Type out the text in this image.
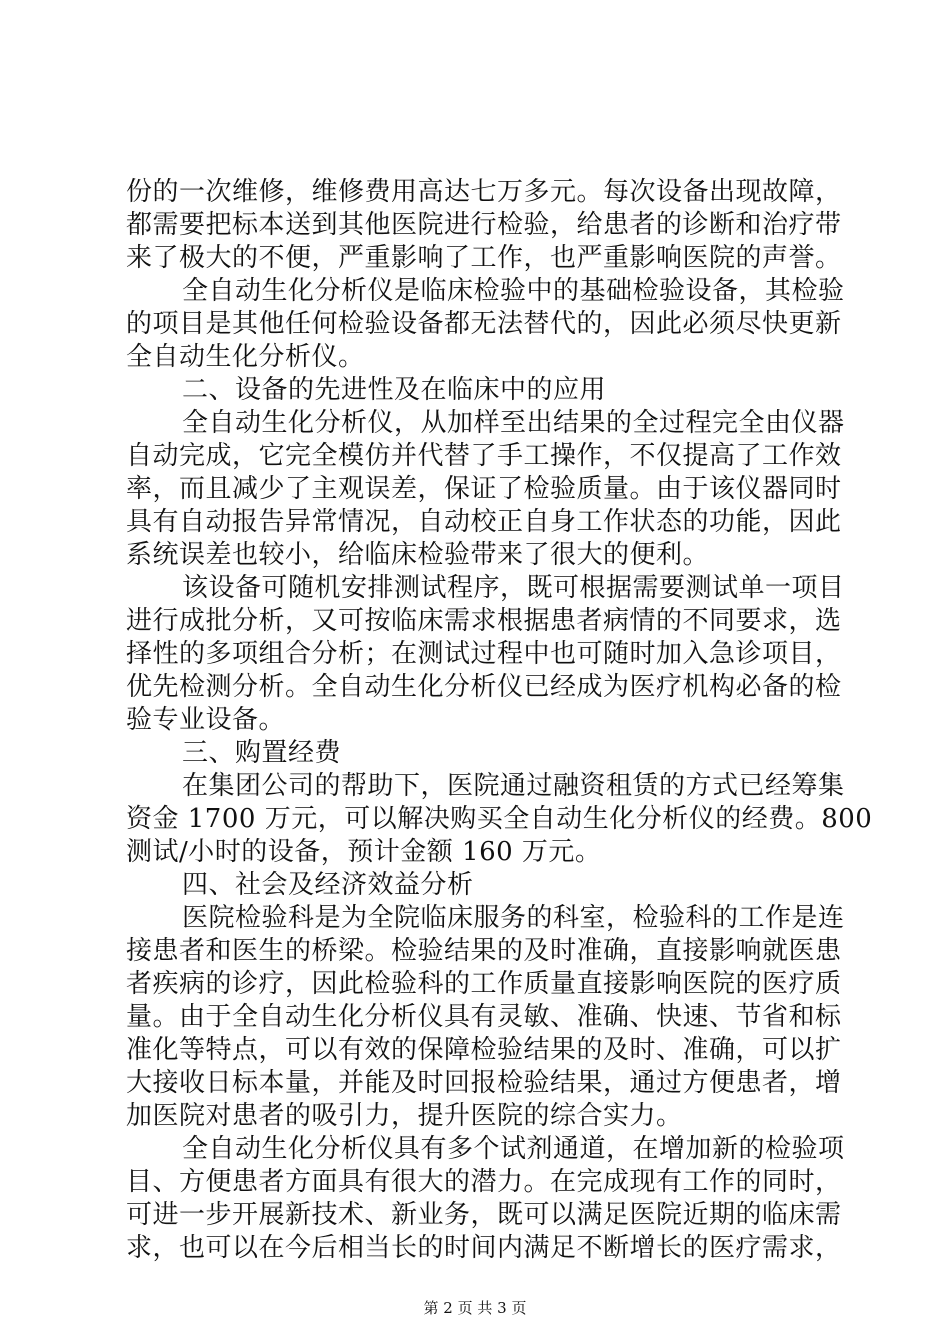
份的一次维修，维修费用高达七万多元。每次设备出现故障，
都需要把标本送到其他医院进行检验，给患者的诊断和治疗带
来了极大的不便，严重影响了工作，也严重影响医院的声誉。
全自动生化分析仪是临床检验中的基础检验设备，其检验
的项目是其他任何检验设备都无法替代的，因此必须尽快更新
全自动生化分析仪。
二、设备的先进性及在临床中的应用
全自动生化分析仪，从加样至出结果的全过程完全由仪器
自动完成，它完全模仿并代替了手工操作，不仅提高了工作效
率，而且减少了主观误差，保证了检验质量。由于该仪器同时
具有自动报告异常情况，自动校正自身工作状态的功能，因此
系统误差也较小，给临床检验带来了很大的便利。
该设备可随机安排测试程序，既可根据需要测试单一项目
进行成批分析，又可按临床需求根据患者病情的不同要求，选
择性的多项组合分析；在测试过程中也可随时加入急诊项目，
优先检测分析。全自动生化分析仪已经成为医疗机构必备的检
验专业设备。
三、购置经费
在集团公司的帮助下，医院通过融资租赁的方式已经筹集
资金 1700 万元，可以解决购买全自动生化分析仪的经费。800
测试/小时的设备，预计金额 160 万元。
四、社会及经济效益分析
医院检验科是为全院临床服务的科室，检验科的工作是连
接患者和医生的桥梁。检验结果的及时准确，直接影响就医患
者疾病的诊疗，因此检验科的工作质量直接影响医院的医疗质
量。由于全自动生化分析仪具有灵敏、准确、快速、节省和标
准化等特点，可以有效的保障检验结果的及时、准确，可以扩
大接收日标本量，并能及时回报检验结果，通过方便患者，增
加医院对患者的吸引力，提升医院的综合实力。
全自动生化分析仪具有多个试剂通道，在增加新的检验项
目、方便患者方面具有很大的潜力。在完成现有工作的同时，
可进一步开展新技术、新业务，既可以满足医院近期的临床需
求，也可以在今后相当长的时间内满足不断增长的医疗需求，
第 2 页 共 3 页
